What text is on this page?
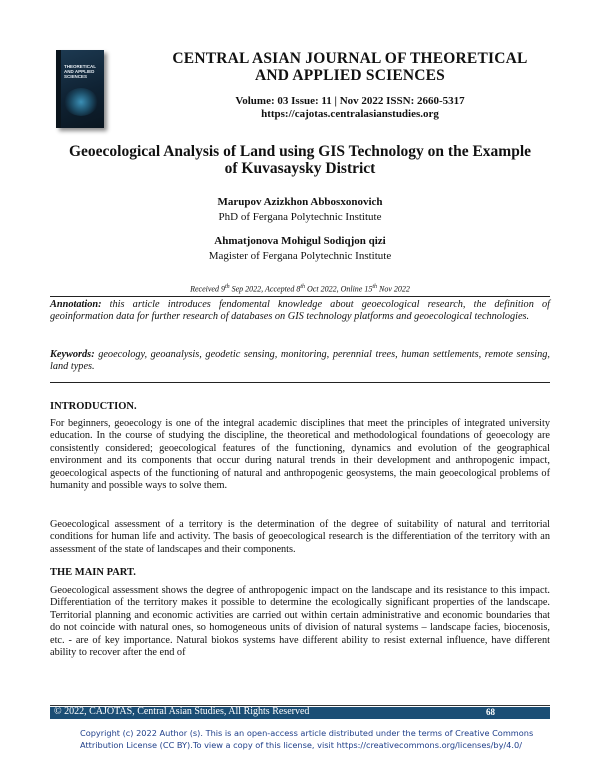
THEORETICAL AND APPLIED SCIENCES
CENTRAL ASIAN JOURNAL OF THEORETICAL
AND APPLIED SCIENCES
Volume: 03 Issue: 11 | Nov 2022 ISSN: 2660-5317
https://cajotas.centralasianstudies.org
Geoecological Analysis of Land using GIS Technology on the Example
of Kuvasaysky District
Marupov Azizkhon Abbosxonovich
PhD of Fergana Polytechnic Institute
Ahmatjonova Mohigul Sodiqjon qizi
Magister of Fergana Polytechnic Institute
Received 9th Sep 2022, Accepted 8th Oct 2022, Online 15th Nov 2022
Annotation: this article introduces fendomental knowledge about geoecological research, the definition of geoinformation data for further research of databases on GIS technology platforms and geoecological technologies.
Keywords: geoecology, geoanalysis, geodetic sensing, monitoring, perennial trees, human settlements, remote sensing, land types.
INTRODUCTION.
For beginners, geoecology is one of the integral academic disciplines that meet the principles of integrated university education. In the course of studying the discipline, the theoretical and methodological foundations of geoecology are consistently considered; geoecological features of the functioning, dynamics and evolution of the geographical environment and its components that occur during natural trends in their development and anthropogenic impact, geoecological aspects of the functioning of natural and anthropogenic geosystems, the main geoecological problems of humanity and possible ways to solve them.
Geoecological assessment of a territory is the determination of the degree of suitability of natural and territorial conditions for human life and activity. The basis of geoecological research is the differentiation of the territory with an assessment of the state of landscapes and their components.
THE MAIN PART.
Geoecological assessment shows the degree of anthropogenic impact on the landscape and its resistance to this impact. Differentiation of the territory makes it possible to determine the ecologically significant properties of the landscape. Territorial planning and economic activities are carried out within certain administrative and economic boundaries that do not coincide with natural ones, so homogeneous units of division of natural systems – landscape facies, biocenosis, etc. - are of key importance. Natural biokos systems have different ability to resist external influence, have different ability to recover after the end of
© 2022, CAJOTAS, Central Asian Studies, All Rights Reserved	68
Copyright (c) 2022 Author (s). This is an open-access article distributed under the terms of Creative Commons
Attribution License (CC BY).To view a copy of this license, visit https://creativecommons.org/licenses/by/4.0/
